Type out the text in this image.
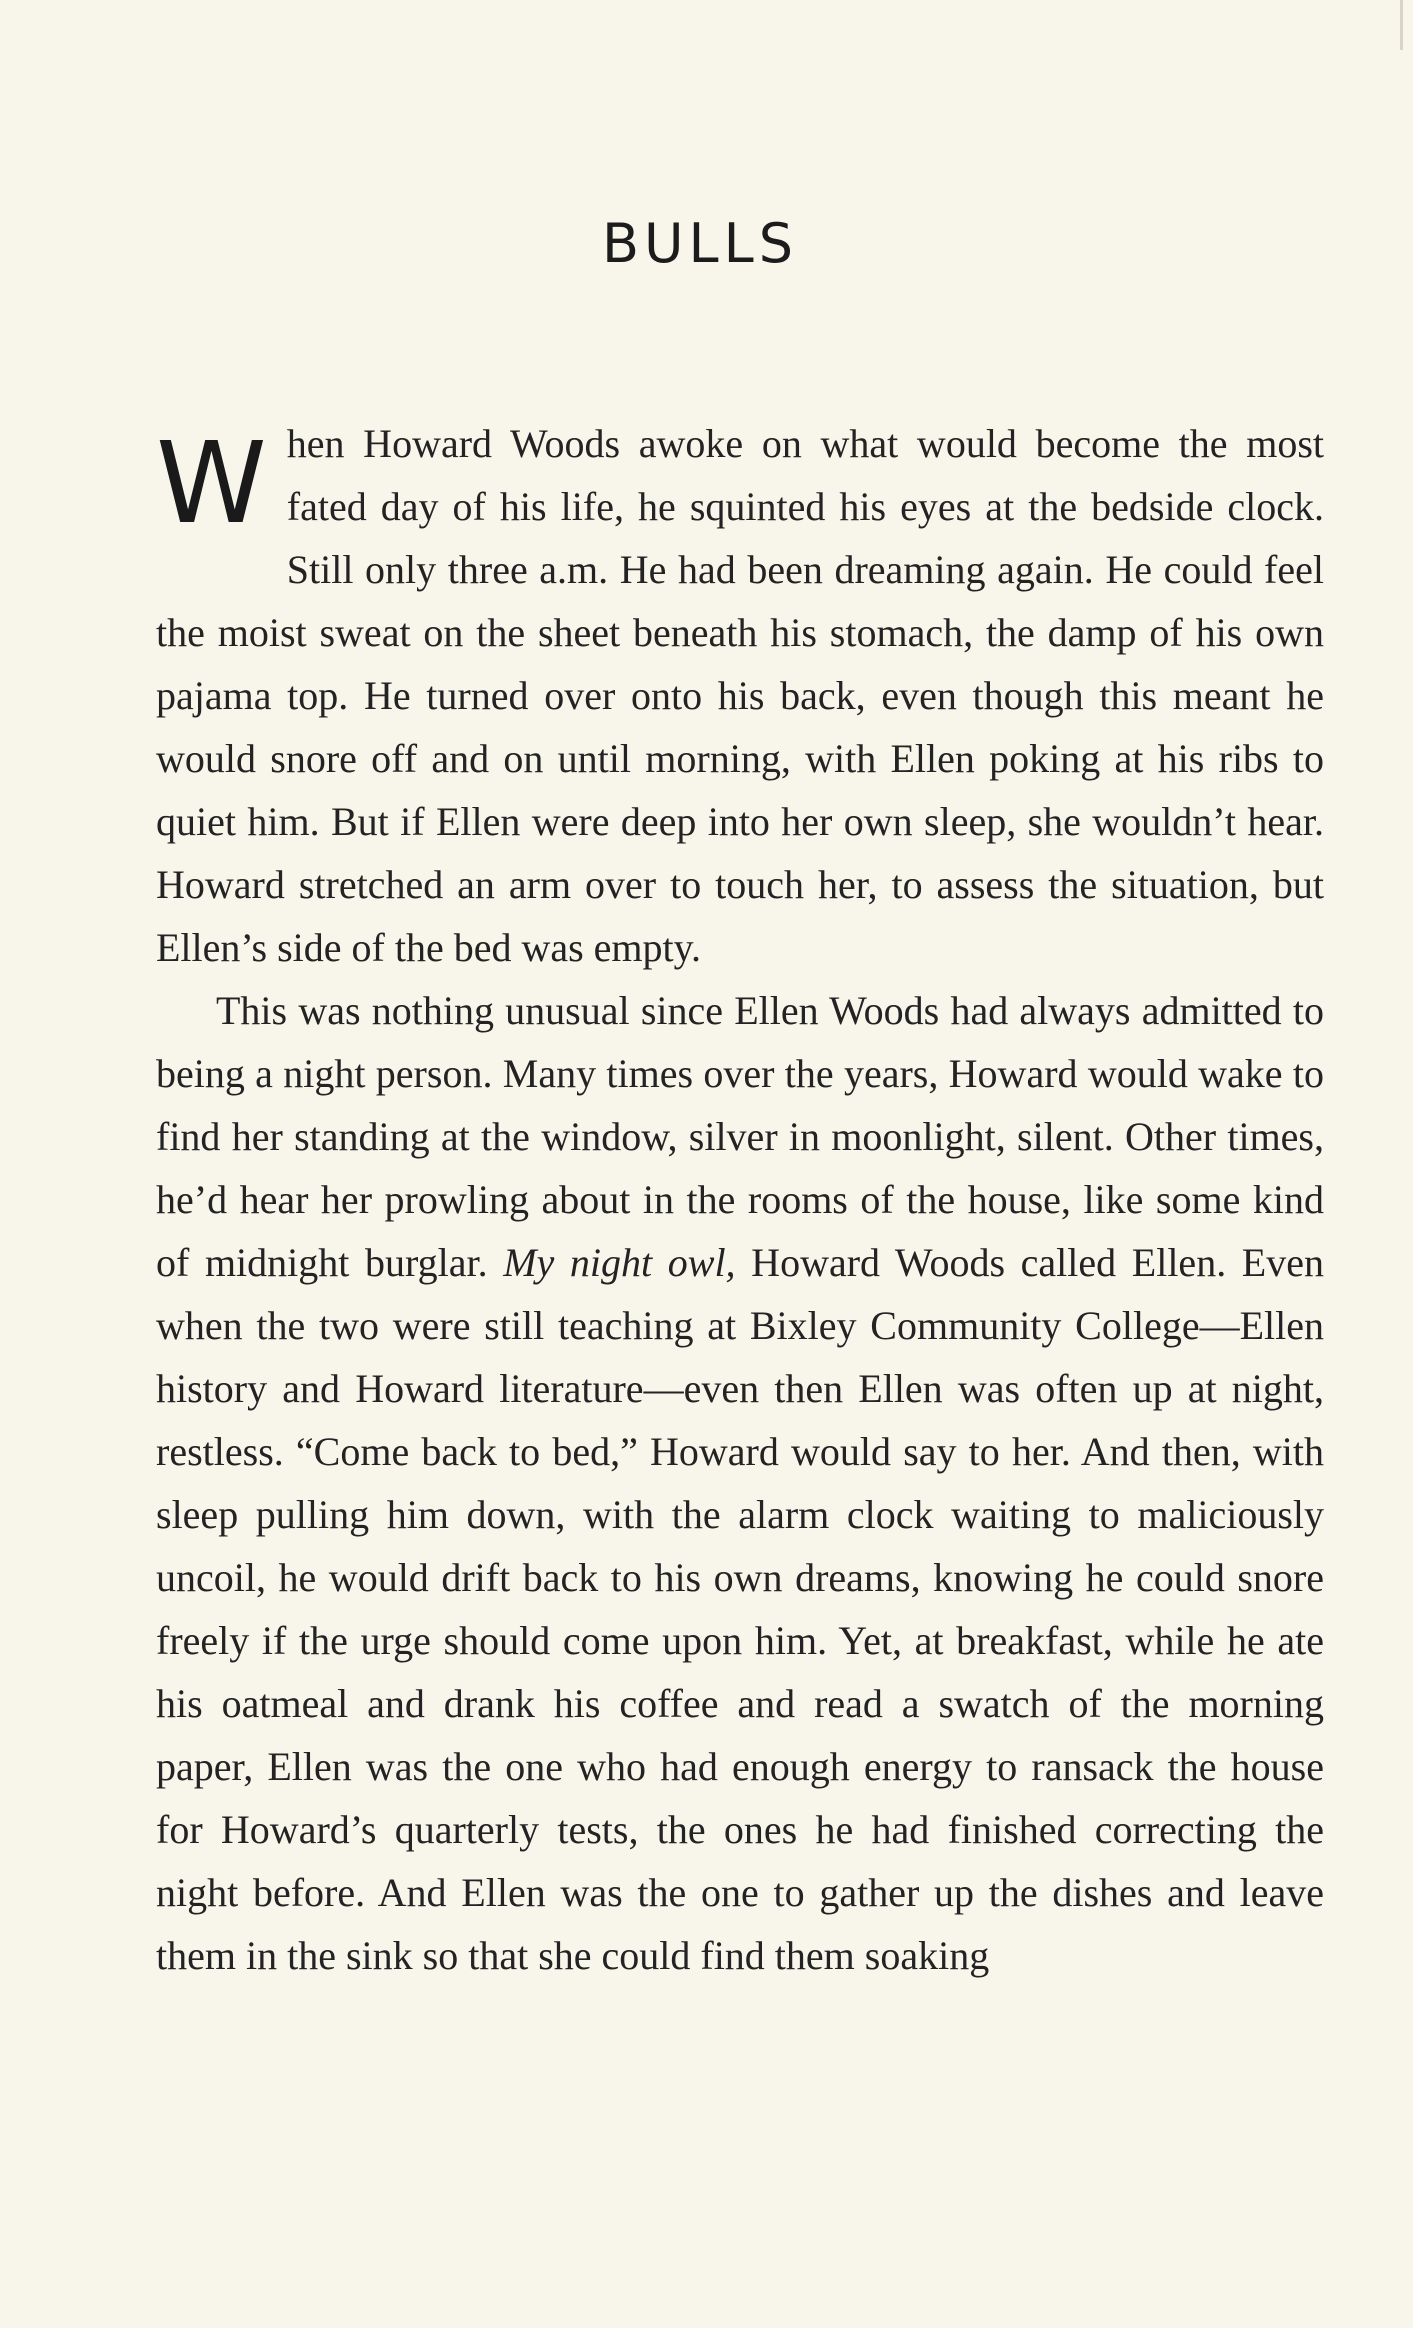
BULLS

When Howard Woods awoke on what would become the most fated day of his life, he squinted his eyes at the bedside clock. Still only three a.m. He had been dreaming again. He could feel the moist sweat on the sheet beneath his stomach, the damp of his own pajama top. He turned over onto his back, even though this meant he would snore off and on until morning, with Ellen poking at his ribs to quiet him. But if Ellen were deep into her own sleep, she wouldn’t hear. Howard stretched an arm over to touch her, to assess the situation, but Ellen’s side of the bed was empty.

This was nothing unusual since Ellen Woods had always admitted to being a night person. Many times over the years, Howard would wake to find her standing at the window, silver in moonlight, silent. Other times, he’d hear her prowling about in the rooms of the house, like some kind of midnight burglar. My night owl, Howard Woods called Ellen. Even when the two were still teaching at Bixley Community College—Ellen history and Howard literature—even then Ellen was often up at night, restless. “Come back to bed,” Howard would say to her. And then, with sleep pulling him down, with the alarm clock waiting to maliciously uncoil, he would drift back to his own dreams, knowing he could snore freely if the urge should come upon him. Yet, at breakfast, while he ate his oatmeal and drank his coffee and read a swatch of the morning paper, Ellen was the one who had enough energy to ransack the house for Howard’s quarterly tests, the ones he had finished correcting the night before. And Ellen was the one to gather up the dishes and leave them in the sink so that she could find them soaking
